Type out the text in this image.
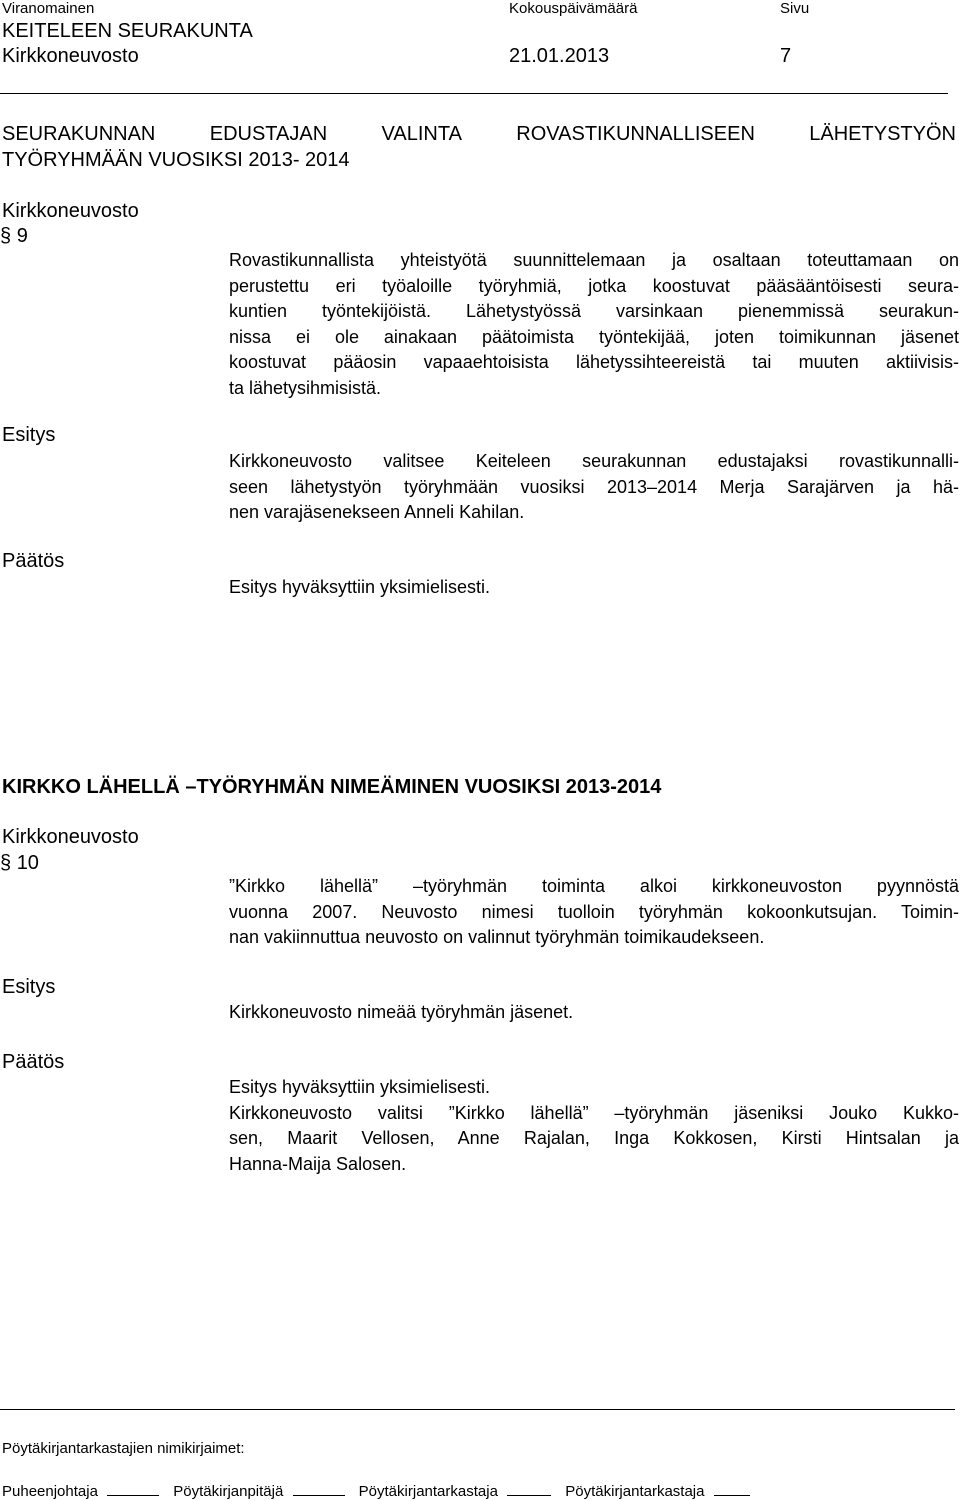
Viranomainen	Kokouspäivämäärä	Sivu
KEITELEEN SEURAKUNTA
Kirkkoneuvosto	21.01.2013	7
SEURAKUNNAN	EDUSTAJAN	VALINTA	ROVASTIKUNNALLISEEN	LÄHETYSTYÖN
TYÖRYHMÄÄN VUOSIKSI 2013- 2014
Kirkkoneuvosto
§ 9
Rovastikunnallista yhteistyötä suunnittelemaan ja osaltaan toteuttamaan on
perustettu eri työaloille työryhmiä, jotka koostuvat pääsääntöisesti seura-
kuntien työntekijöistä. Lähetystyössä varsinkaan pienemmissä seurakun-
nissa ei ole ainakaan päätoimista työntekijää, joten toimikunnan jäsenet
koostuvat pääosin vapaaehtoisista lähetyssihteereistä tai muuten aktiivisis-
ta lähetysihmisistä.
Esitys
Kirkkoneuvosto valitsee Keiteleen seurakunnan edustajaksi rovastikunnalli-
seen lähetystyön työryhmään vuosiksi 2013–2014 Merja Sarajärven ja hä-
nen varajäsenekseen Anneli Kahilan.
Päätös
Esitys hyväksyttiin yksimielisesti.
KIRKKO LÄHELLÄ –TYÖRYHMÄN NIMEÄMINEN VUOSIKSI 2013-2014
Kirkkoneuvosto
§ 10
”Kirkko lähellä” –työryhmän toiminta alkoi kirkkoneuvoston pyynnöstä
vuonna 2007. Neuvosto nimesi tuolloin työryhmän kokoonkutsujan. Toimin-
nan vakiinnuttua neuvosto on valinnut työryhmän toimikaudekseen.
Esitys
Kirkkoneuvosto nimeää työryhmän jäsenet.
Päätös
Esitys hyväksyttiin yksimielisesti.
Kirkkoneuvosto valitsi ”Kirkko lähellä” –työryhmän jäseniksi Jouko Kukko-
sen, Maarit Vellosen, Anne Rajalan, Inga Kokkosen, Kirsti Hintsalan ja
Hanna-Maija Salosen.
Pöytäkirjantarkastajien nimikirjaimet:
Puheenjohtaja	Pöytäkirjanpitäjä	Pöytäkirjantarkastaja	Pöytäkirjantarkastaja
